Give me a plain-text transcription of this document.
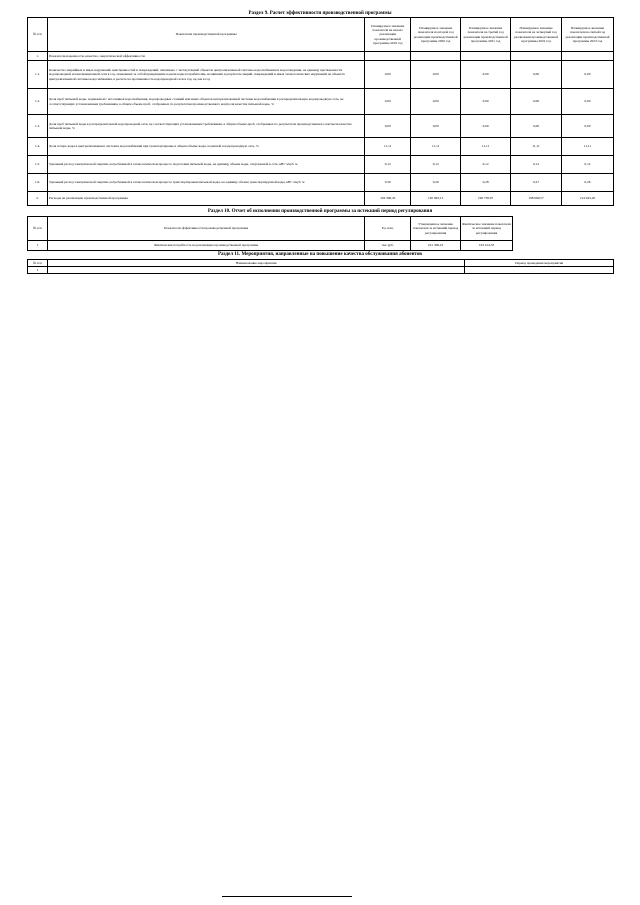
Раздел 9. Расчет эффективности производственной программы
№ п/п	Показатели производственной программы	Планируемое значение показателя на начало реализации производственной программы 2019 год	Планируемое значение показателя на второй год реализации производственной программы 2020 год	Планируемое значение показателя на третий год реализации производственной программы 2021 год	Планируемое значение показателя на четвертый год реализации производственной программы 2022 год	Планируемое значение показателя на пятый год реализации производственной программы 2023 год
1.	Показатели надежности, качества, энергетической эффективности					
1.1.	Количество аварийных и иных нарушений, неисправностей и повреждений, связанных с эксплуатацией объектов централизованной системы водоснабжения и водоотведения, на единицу протяженности водопроводной и канализационной сети в год, повлекших за собой прекращение подачи воды потребителям, возникших в результате аварий, повреждений и иных технологических нарушений на объектах централизованной системы водоснабжения, в расчете на протяженность водопроводной сети в год, ед./км в год	0,00	0,00	0,00	0,00	0,00
1.2.	Доля проб питьевой воды, подаваемой с источников водоснабжения, водопроводных станций или иных объектов централизованной системы водоснабжения в распределительную водопроводную сеть, не соответствующих установленным требованиям, в общем объеме проб, отобранных по результатам производственного контроля качества питьевой воды, %	0,00	0,00	0,00	0,00	0,00
1.3.	Доля проб питьевой воды в распределительной водопроводной сети, не соответствующих установленным требованиям, в общем объеме проб, отобранных по результатам производственного контроля качества питьевой воды, %	0,00	0,00	0,00	0,00	0,00
1.4.	Доля потерь воды в централизованных системах водоснабжения при транспортировке в общем объеме воды, поданной в водопроводную сеть, %	11,11	11,11	11,11	11,11	11,11
1.5.	Удельный расход электрической энергии, потребляемой в технологическом процессе подготовки питьевой воды, на единицу объема воды, отпускаемой в сеть, кВт·ч/куб. м	0,12	0,12	0,12	0,12	0,12
1.6.	Удельный расход электрической энергии, потребляемой в технологическом процессе транспортировки питьевой воды, на единицу объема транспортируемой воды, кВт·ч/куб. м	0,30	0,29	0,28	0,27	0,26
2.	Расходы на реализацию производственной программы	194 396,43	195 963,15	196 758,97	198 069,57	214 945,20
Раздел 10. Отчет об исполнении производственной программы за истекший период регулирования
№ п/п	Показатели эффективности производственной программы	Ед. изм.	Утвержденное значение показателя за истекший период регулирования	Фактическое значение показателя за истекший период регулирования
1	Фактическая потребность на реализацию производственной программы	тыс.руб.	191 396,23	193 414,35
Раздел 11. Мероприятия, направленные на повышение качества обслуживания абонентов
№ п/п	Наименование мероприятия	Период проведения мероприятия
1		
